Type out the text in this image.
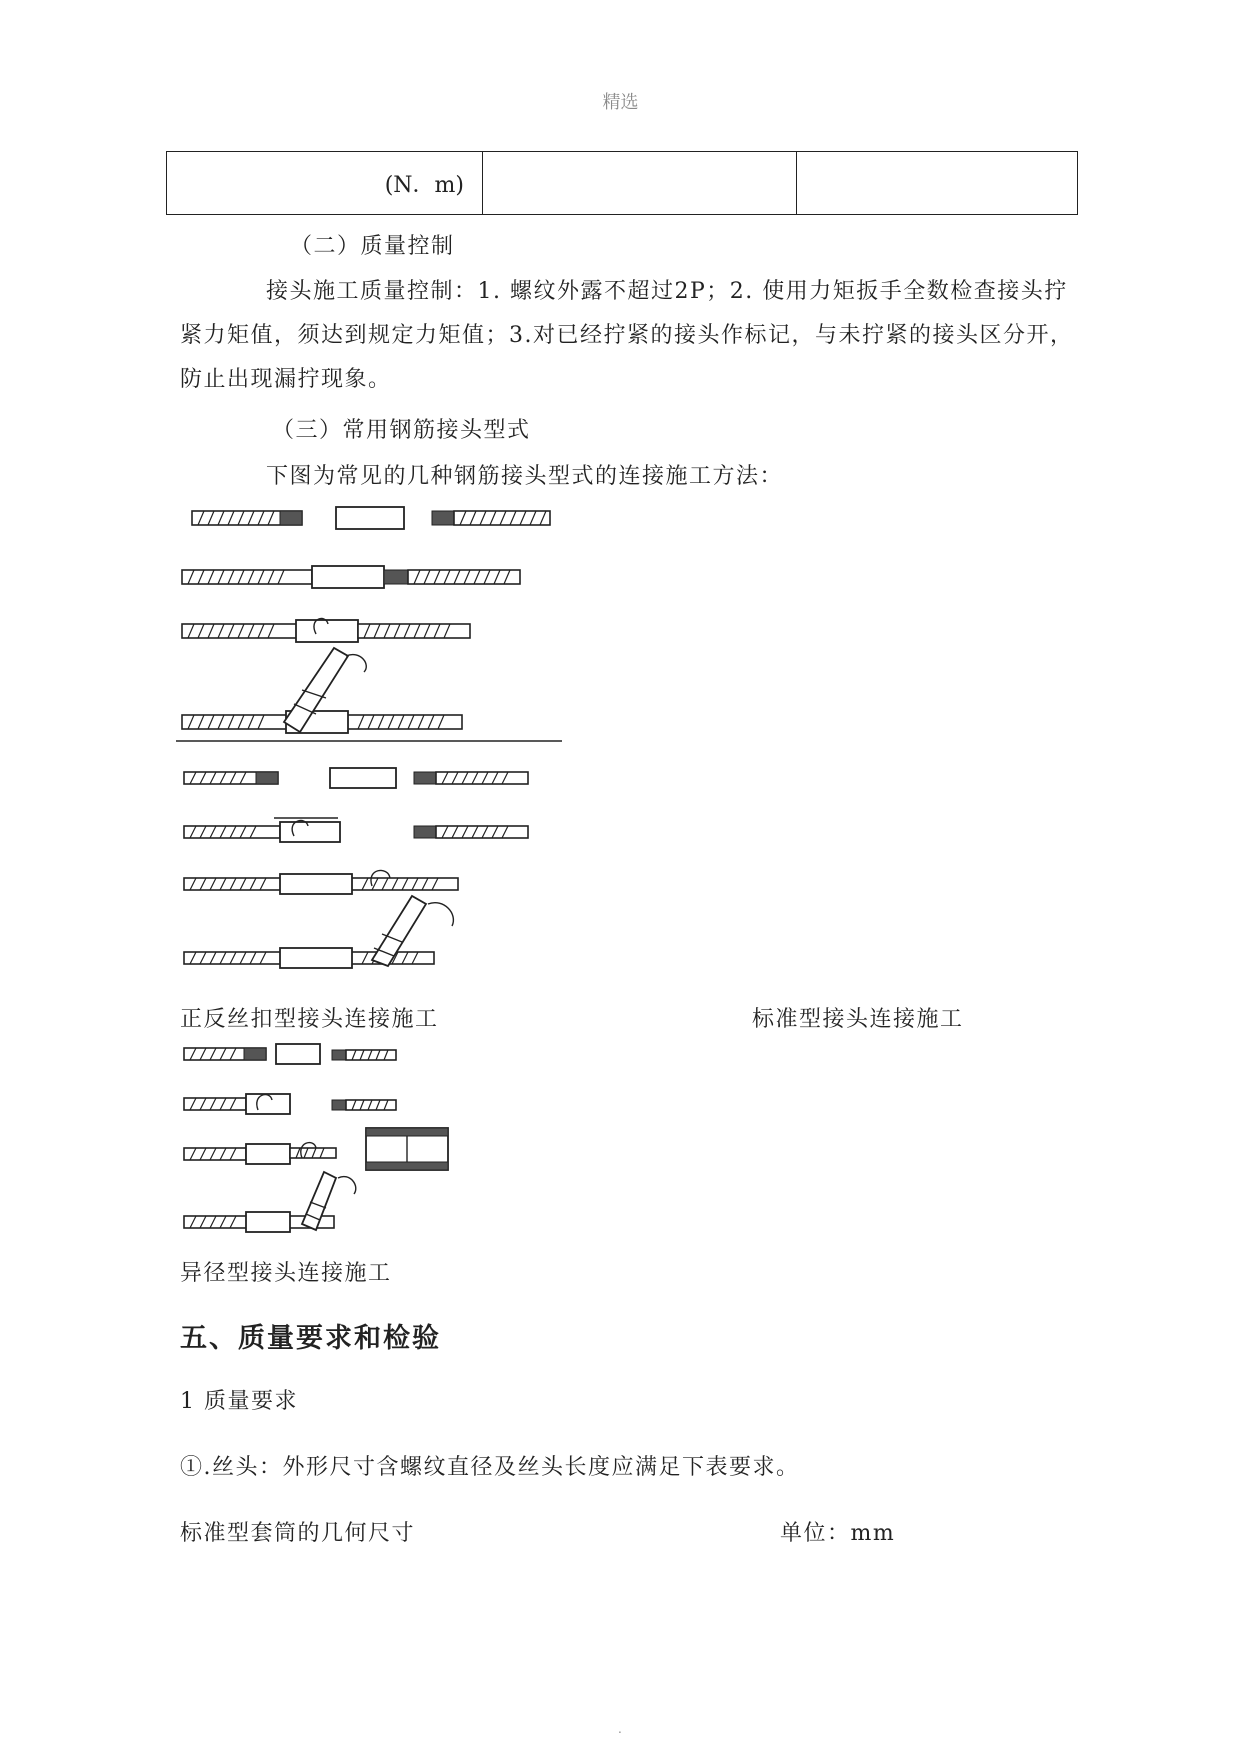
精选
(N．m)		
（二）质量控制
接头施工质量控制：1. 螺纹外露不超过2P；2. 使用力矩扳手全数检查接头拧紧力矩值，须达到规定力矩值；3.对已经拧紧的接头作标记，与未拧紧的接头区分开，防止出现漏拧现象。
（三）常用钢筋接头型式
下图为常见的几种钢筋接头型式的连接施工方法：
正反丝扣型接头连接施工	标准型接头连接施工
异径型接头连接施工
五、质量要求和检验
1 质量要求
①.丝头：外形尺寸含螺纹直径及丝头长度应满足下表要求。
标准型套筒的几何尺寸	单位：mm
.
